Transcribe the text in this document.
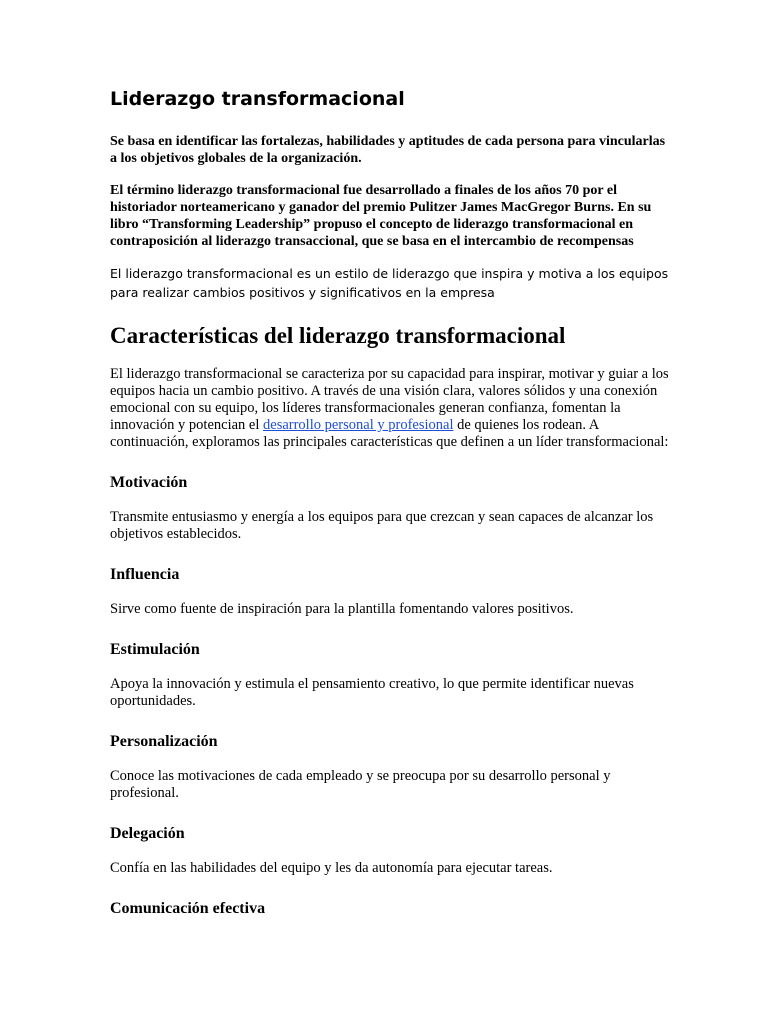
Liderazgo transformacional

Se basa en identificar las fortalezas, habilidades y aptitudes de cada persona para vincularlas a los objetivos globales de la organización.

El término liderazgo transformacional fue desarrollado a finales de los años 70 por el historiador norteamericano y ganador del premio Pulitzer James MacGregor Burns. En su libro “Transforming Leadership” propuso el concepto de liderazgo transformacional en contraposición al liderazgo transaccional, que se basa en el intercambio de recompensas

El liderazgo transformacional es un estilo de liderazgo que inspira y motiva a los equipos para realizar cambios positivos y significativos en la empresa

Características del liderazgo transformacional

El liderazgo transformacional se caracteriza por su capacidad para inspirar, motivar y guiar a los equipos hacia un cambio positivo. A través de una visión clara, valores sólidos y una conexión emocional con su equipo, los líderes transformacionales generan confianza, fomentan la innovación y potencian el desarrollo personal y profesional de quienes los rodean. A continuación, exploramos las principales características que definen a un líder transformacional:

Motivación

Transmite entusiasmo y energía a los equipos para que crezcan y sean capaces de alcanzar los objetivos establecidos.

Influencia

Sirve como fuente de inspiración para la plantilla fomentando valores positivos.

Estimulación

Apoya la innovación y estimula el pensamiento creativo, lo que permite identificar nuevas oportunidades.

Personalización

Conoce las motivaciones de cada empleado y se preocupa por su desarrollo personal y profesional.

Delegación

Confía en las habilidades del equipo y les da autonomía para ejecutar tareas.

Comunicación efectiva
